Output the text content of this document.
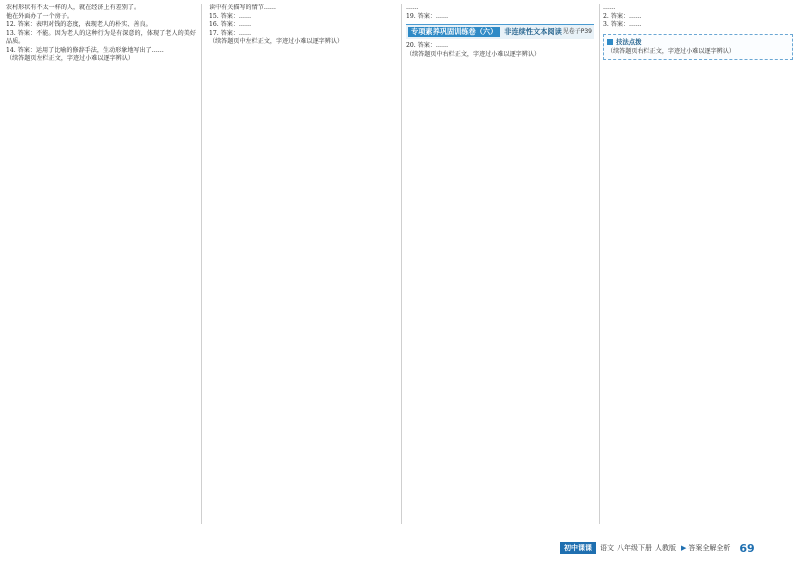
农村形状有不太一样的人，就在经济上有差别了。

他在外面办了一个房子。

12. 答案：表明对钱的态度，表现老人的朴实、善良。

13. 答案：不能。因为老人的这种行为是有深意的，体现了老人的美好品质。

14. 答案：运用了比喻的修辞手法，生动形象地写出了……

（续答题页左栏正文，字迹过小难以逐字辨认）

读中有关描写的情节……

15. 答案：……

16. 答案：……

17. 答案：……

（续答题页中左栏正文，字迹过小难以逐字辨认）

……

19. 答案：……

专项素养巩固训练卷（六） 非连续性文本阅读 见卷子P39

20. 答案：……

（续答题页中右栏正文，字迹过小难以逐字辨认）

……

2. 答案：……

3. 答案：……

技法点拨

（续答题页右栏正文，字迹过小难以逐字辨认）

初中课课	语文 八年级下册 人教版 ▶ 答案全解全析 69
